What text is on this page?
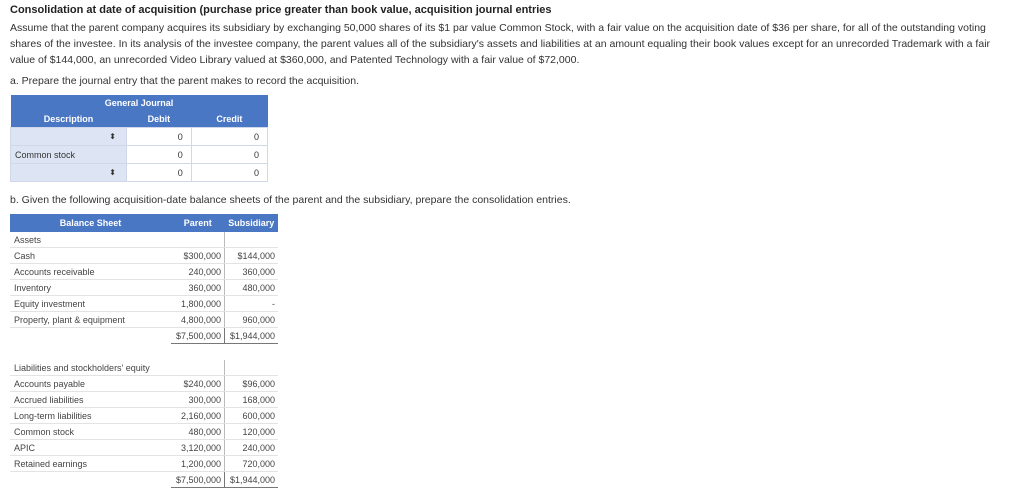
Consolidation at date of acquisition (purchase price greater than book value, acquisition journal entries
Assume that the parent company acquires its subsidiary by exchanging 50,000 shares of its $1 par value Common Stock, with a fair value on the acquisition date of $36 per share, for all of the outstanding voting shares of the investee. In its analysis of the investee company, the parent values all of the subsidiary's assets and liabilities at an amount equaling their book values except for an unrecorded Trademark with a fair value of $144,000, an unrecorded Video Library valued at $360,000, and Patented Technology with a fair value of $72,000.
a. Prepare the journal entry that the parent makes to record the acquisition.
General Journal		
Description	Debit	Credit

⬍	0	0
Common stock	0	0

⬍	0	0
b. Given the following acquisition-date balance sheets of the parent and the subsidiary, prepare the consolidation entries.
Balance Sheet	Parent	Subsidiary
Assets		
Cash	$300,000	$144,000
Accounts receivable	240,000	360,000
Inventory	360,000	480,000
Equity investment	1,800,000	-
Property, plant & equipment	4,800,000	960,000
	$7,500,000	$1,944,000

Liabilities and stockholders' equity		
Accounts payable	$240,000	$96,000
Accrued liabilities	300,000	168,000
Long-term liabilities	2,160,000	600,000
Common stock	480,000	120,000
APIC	3,120,000	240,000
Retained earnings	1,200,000	720,000
	$7,500,000	$1,944,000
